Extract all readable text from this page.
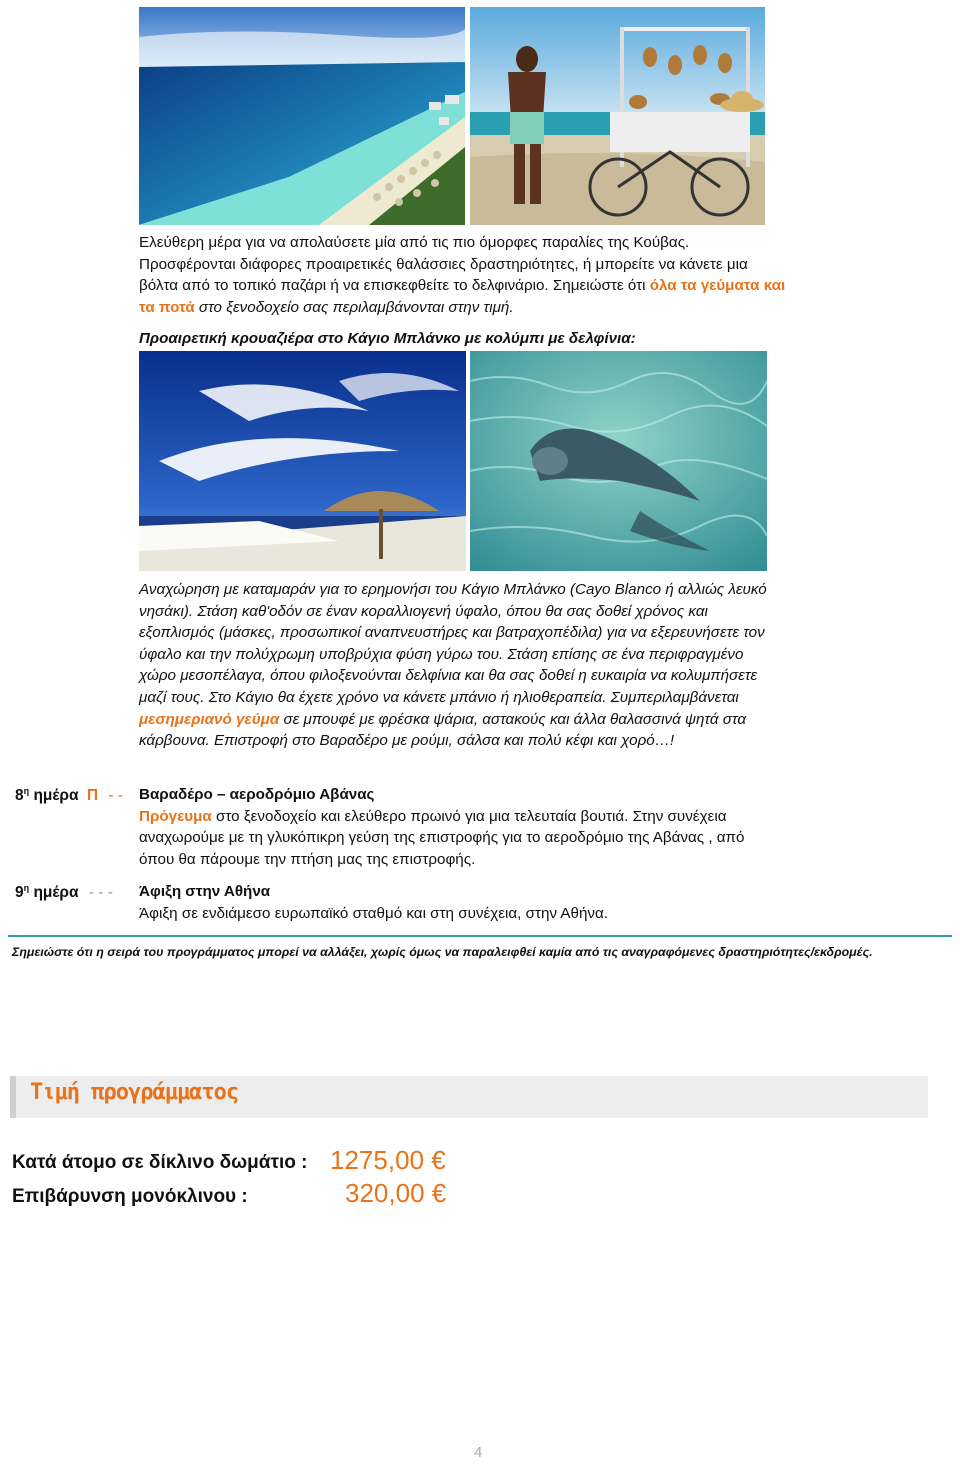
Ελεύθερη μέρα για να απολαύσετε μία από τις πιο όμορφες παραλίες της Κούβας.
Προσφέρονται διάφορες προαιρετικές θαλάσσιες δραστηριότητες, ή μπορείτε να κάνετε μια
βόλτα από το τοπικό παζάρι ή να επισκεφθείτε το δελφινάριο. Σημειώστε ότι όλα τα γεύματα και τα ποτά στο ξενοδοχείο σας περιλαμβάνονται στην τιμή.
Προαιρετική κρουαζιέρα στο Κάγιο Μπλάνκο με κολύμπι με δελφίνια:
Αναχώρηση με καταμαράν για το ερημονήσι του Κάγιο Μπλάνκο (Cayo Blanco ή αλλιώς λευκό νησάκι). Στάση καθ'οδόν σε έναν κοραλλιογενή ύφαλο, όπου θα σας δοθεί χρόνος και εξοπλισμός (μάσκες, προσωπικοί αναπνευστήρες και βατραχοπέδιλα) για να εξερευνήσετε τον ύφαλο και την πολύχρωμη υποβρύχια φύση γύρω του. Στάση επίσης σε ένα περιφραγμένο χώρο μεσοπέλαγα, όπου φιλοξενούνται δελφίνια και θα σας δοθεί η ευκαιρία να κολυμπήσετε μαζί τους. Στο Κάγιο θα έχετε χρόνο να κάνετε μπάνιο ή ηλιοθεραπεία. Συμπεριλαμβάνεται μεσημεριανό γεύμα σε μπουφέ με φρέσκα ψάρια, αστακούς και άλλα θαλασσινά ψητά στα κάρβουνα. Επιστροφή στο Βαραδέρο με ρούμι, σάλσα και πολύ κέφι και χορό…!
$8^\eta$ ημέρα Π - - Βαραδέρο – αεροδρόμιο Αβάνας
Πρόγευμα στο ξενοδοχείο και ελεύθερο πρωινό για μια τελευταία βουτιά. Στην συνέχεια αναχωρούμε με τη γλυκόπικρη γεύση της επιστροφής για το αεροδρόμιο της Αβάνας , από όπου θα πάρουμε την πτήση μας της επιστροφής.
$9^\eta$ ημέρα - - - Άφιξη στην Αθήνα
Άφιξη σε ενδιάμεσο ευρωπαϊκό σταθμό και στη συνέχεια, στην Αθήνα.
Σημειώστε ότι η σειρά του προγράμματος μπορεί να αλλάξει, χωρίς όμως να παραλειφθεί καμία από τις αναγραφόμενες δραστηριότητες/εκδρομές.
Τιμή προγράμματος
Κατά άτομο σε δίκλινο δωμάτιο : 1275,00 €
Επιβάρυνση μονόκλινου :	320,00 €
4
